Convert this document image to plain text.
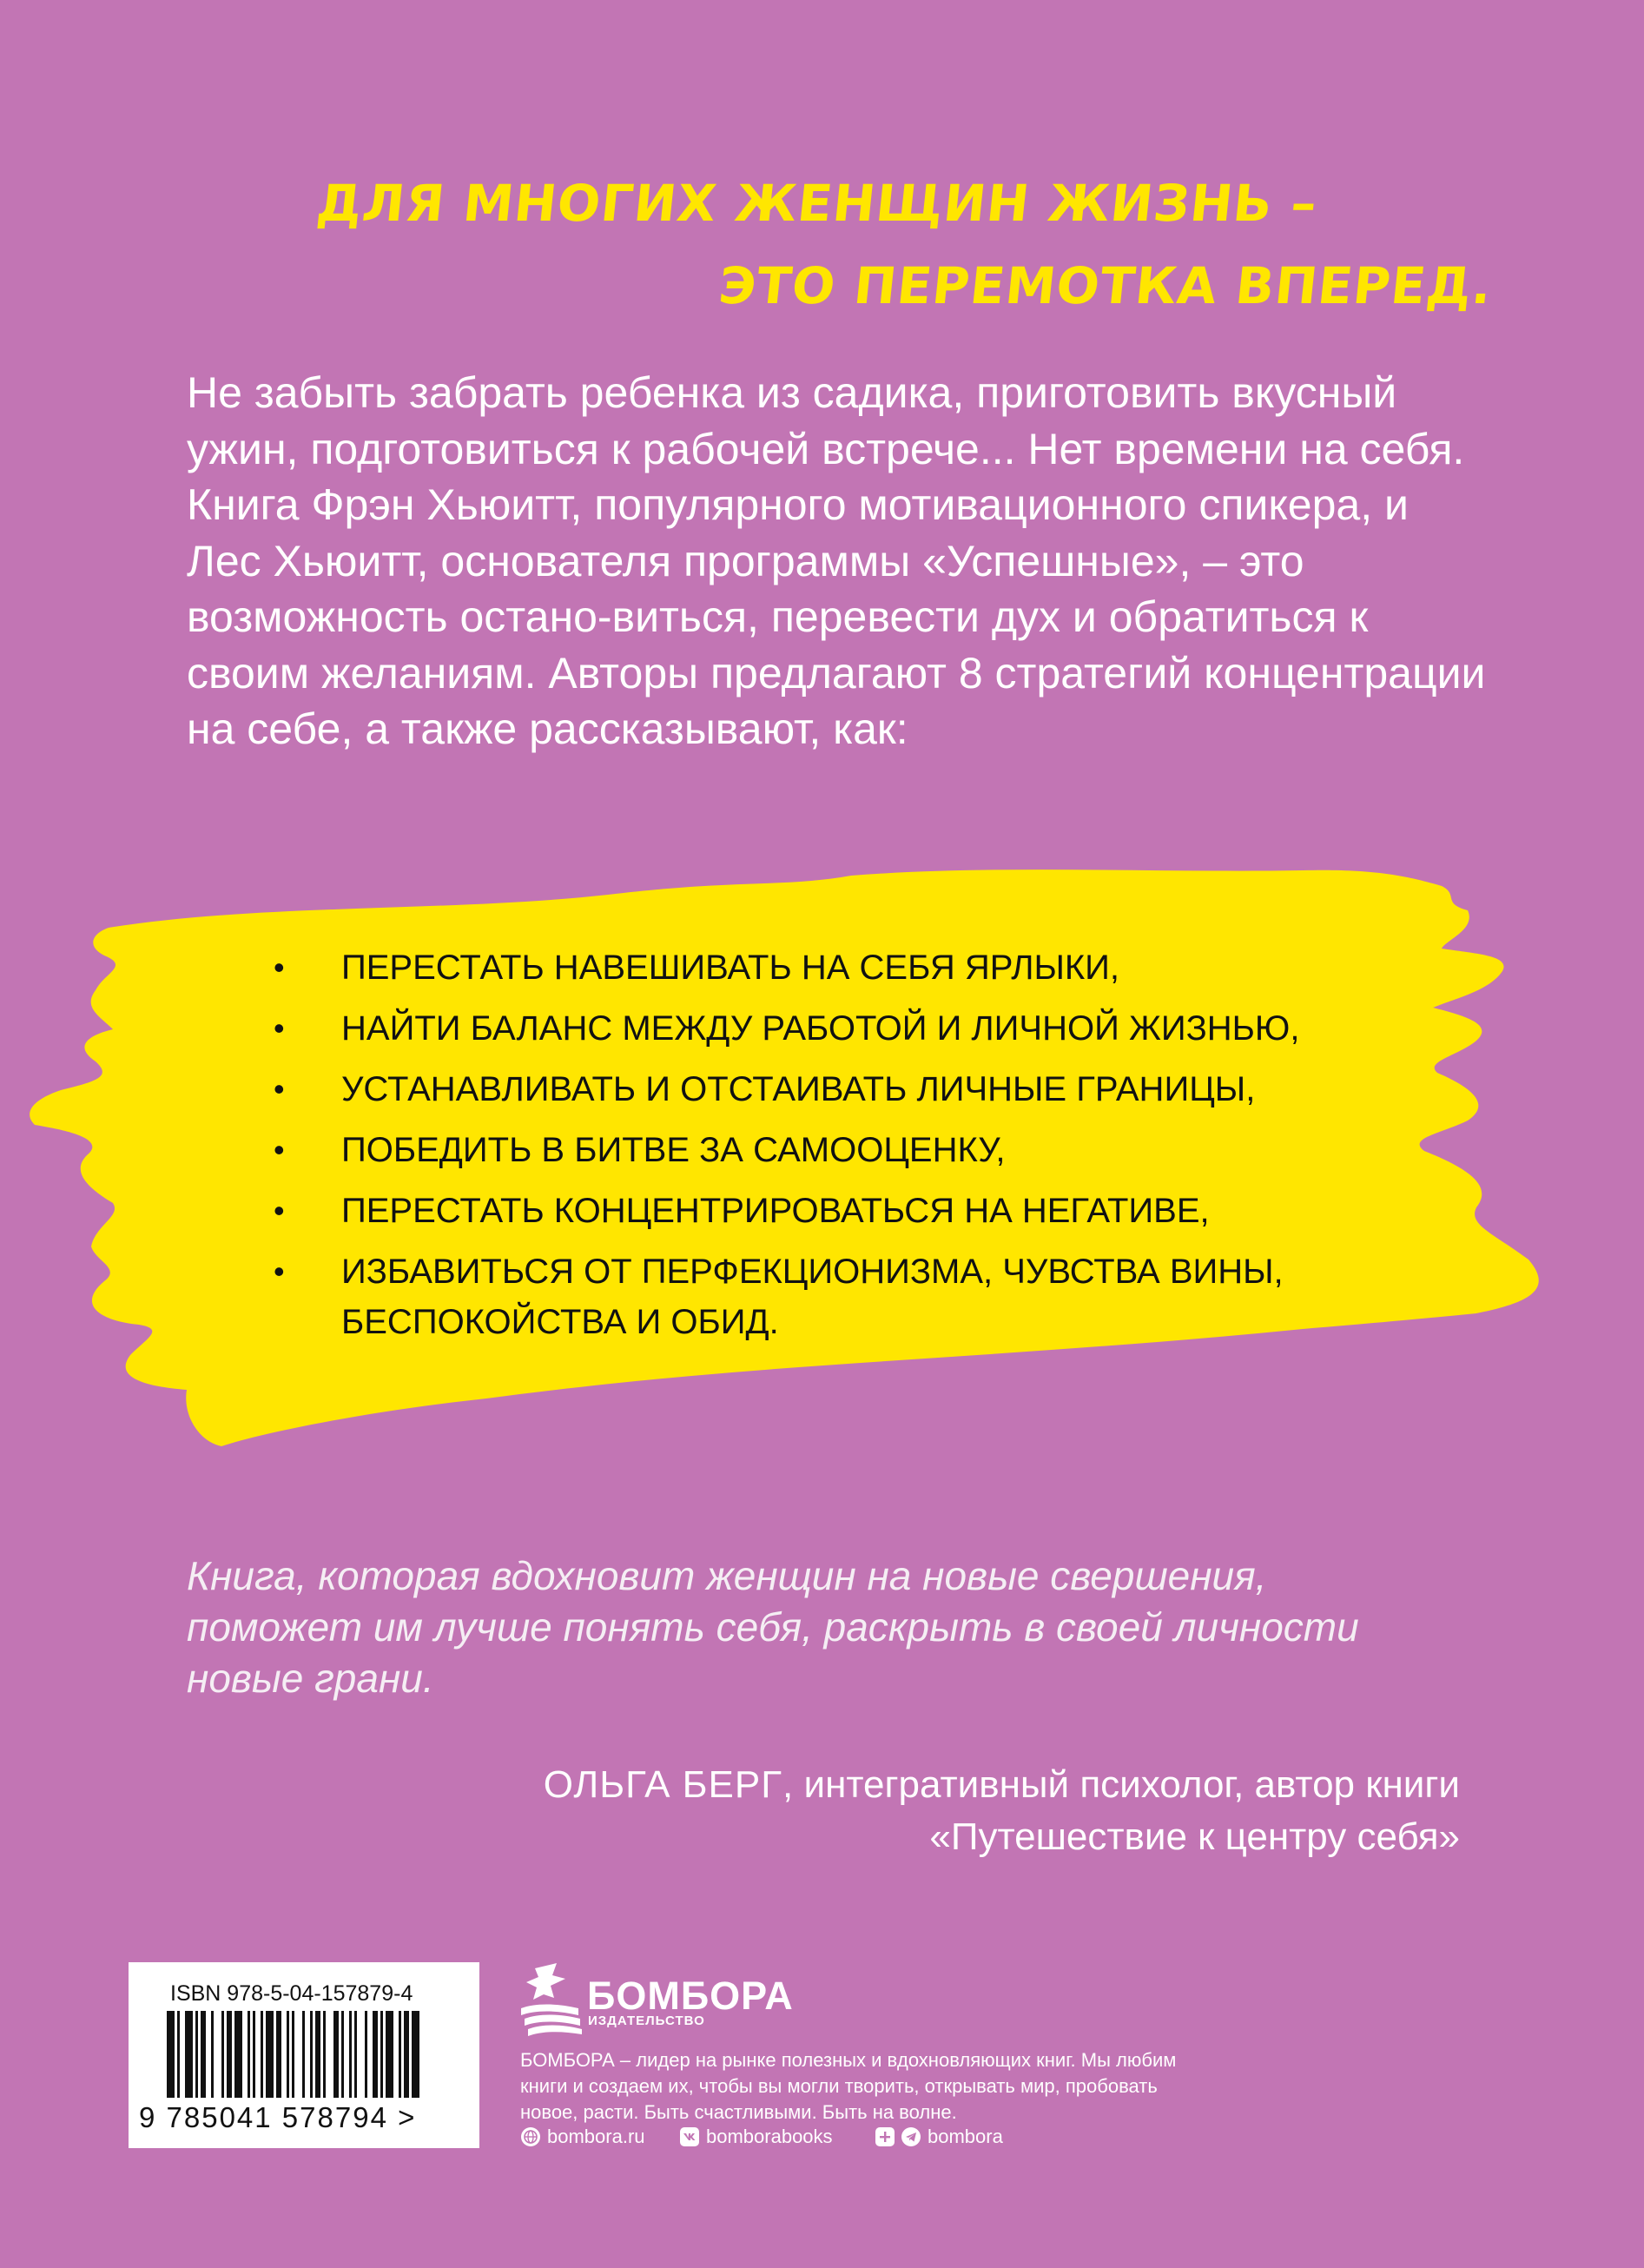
ДЛЯ МНОГИХ ЖЕНЩИН ЖИЗНЬ –
ЭТО ПЕРЕМОТКА ВПЕРЕД.

Не забыть забрать ребенка из садика, приготовить вкусный ужин, подготовиться к рабочей встрече... Нет времени на себя. Книга Фрэн Хьюитт, популярного мотивационного спикера, и Лес Хьюитт, основателя программы «Успешные», – это возможность остано-виться, перевести дух и обратиться к своим желаниям. Авторы предлагают 8 стратегий концентрации на себе, а также рассказывают, как:

• ПЕРЕСТАТЬ НАВЕШИВАТЬ НА СЕБЯ ЯРЛЫКИ,
• НАЙТИ БАЛАНС МЕЖДУ РАБОТОЙ И ЛИЧНОЙ ЖИЗНЬЮ,
• УСТАНАВЛИВАТЬ И ОТСТАИВАТЬ ЛИЧНЫЕ ГРАНИЦЫ,
• ПОБЕДИТЬ В БИТВЕ ЗА САМООЦЕНКУ,
• ПЕРЕСТАТЬ КОНЦЕНТРИРОВАТЬСЯ НА НЕГАТИВЕ,
• ИЗБАВИТЬСЯ ОТ ПЕРФЕКЦИОНИЗМА, ЧУВСТВА ВИНЫ, БЕСПОКОЙСТВА И ОБИД.

Книга, которая вдохновит женщин на новые свершения, поможет им лучше понять себя, раскрыть в своей личности новые грани.

ОЛЬГА БЕРГ, интегративный психолог, автор книги
«Путешествие к центру себя»
ISBN 978-5-04-157879-4
9 785041 578794 >
БОМБОРА
ИЗДАТЕЛЬСТВО

БОМБОРА – лидер на рынке полезных и вдохновляющих книг. Мы любим книги и создаем их, чтобы вы могли творить, открывать мир, пробовать новое, расти. Быть счастливыми. Быть на волне.

bombora.ru	bomborabooks	bombora
